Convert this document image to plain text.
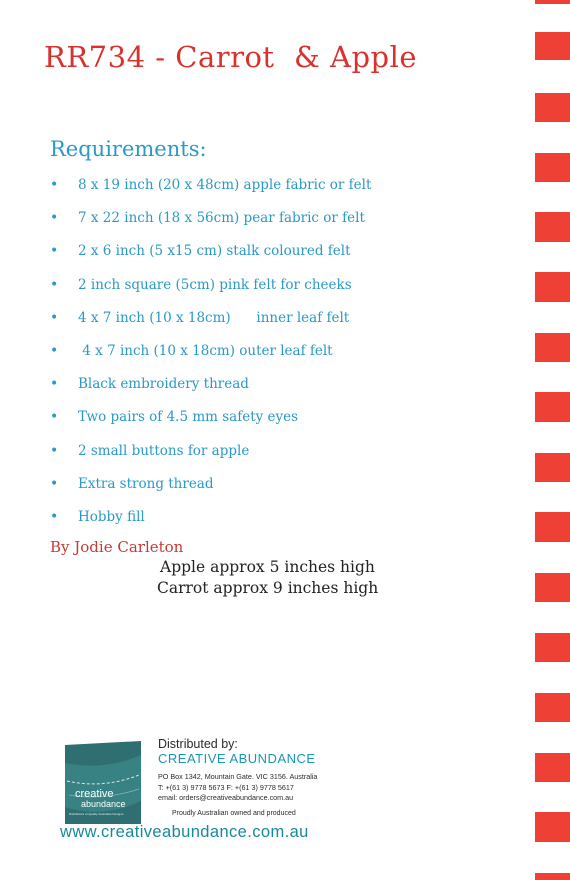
RR734 - Carrot  & Apple
Requirements:
• 8 x 19 inch (20 x 48cm) apple fabric or felt
• 7 x 22 inch (18 x 56cm) pear fabric or felt
• 2 x 6 inch (5 x15 cm) stalk coloured felt
• 2 inch square (5cm) pink felt for cheeks
• 4 x 7 inch (10 x 18cm)      inner leaf felt
• 4 x 7 inch (10 x 18cm) outer leaf felt
• Black embroidery thread
• Two pairs of 4.5 mm safety eyes
• 2 small buttons for apple
• Extra strong thread
• Hobby fill
By Jodie Carleton
Apple approx 5 inches high
Carrot approx 9 inches high
creative
abundance
Distributors of Quality Australian Designs
Distributed by:
CREATIVE ABUNDANCE
PO Box 1342, Mountain Gate. VIC 3156. Australia
T: +(61 3) 9778 5673 F: +(61 3) 9778 5617
email: orders@creativeabundance.com.au
Proudly Australian owned and produced
www.creativeabundance.com.au
